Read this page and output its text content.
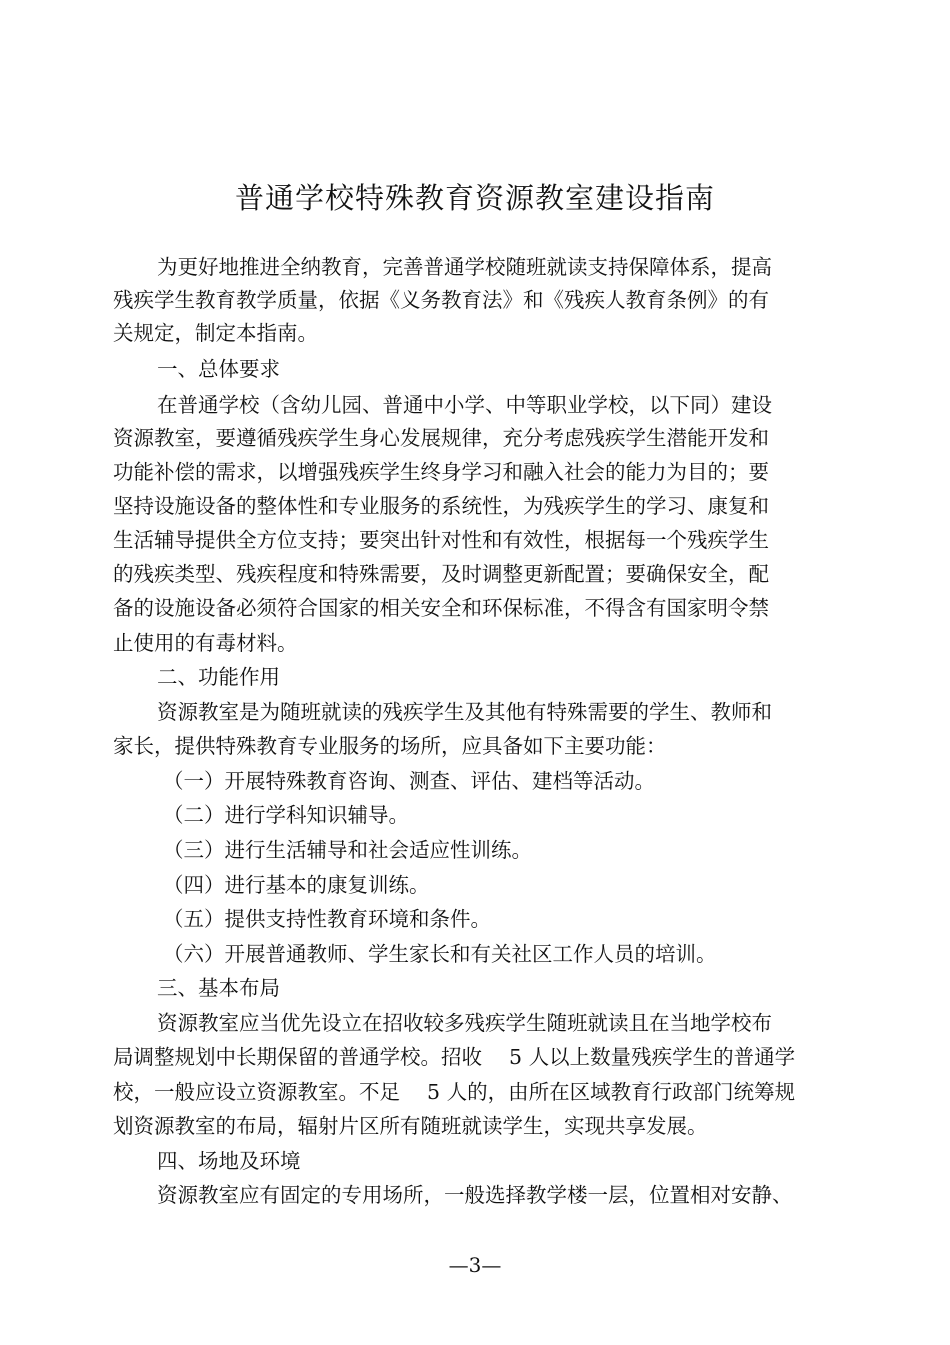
普通学校特殊教育资源教室建设指南
为更好地推进全纳教育，完善普通学校随班就读支持保障体系，提高
残疾学生教育教学质量，依据《义务教育法》和《残疾人教育条例》的有
关规定，制定本指南。
一、总体要求
在普通学校（含幼儿园、普通中小学、中等职业学校，以下同）建设
资源教室，要遵循残疾学生身心发展规律，充分考虑残疾学生潜能开发和
功能补偿的需求，以增强残疾学生终身学习和融入社会的能力为目的；要
坚持设施设备的整体性和专业服务的系统性，为残疾学生的学习、康复和
生活辅导提供全方位支持；要突出针对性和有效性，根据每一个残疾学生
的残疾类型、残疾程度和特殊需要，及时调整更新配置；要确保安全，配
备的设施设备必须符合国家的相关安全和环保标准，不得含有国家明令禁
止使用的有毒材料。
二、功能作用
资源教室是为随班就读的残疾学生及其他有特殊需要的学生、教师和
家长，提供特殊教育专业服务的场所，应具备如下主要功能：
（一）开展特殊教育咨询、测查、评估、建档等活动。
（二）进行学科知识辅导。
（三）进行生活辅导和社会适应性训练。
（四）进行基本的康复训练。
（五）提供支持性教育环境和条件。
（六）开展普通教师、学生家长和有关社区工作人员的培训。
三、基本布局
资源教室应当优先设立在招收较多残疾学生随班就读且在当地学校布
局调整规划中长期保留的普通学校。招收　 5 人以上数量残疾学生的普通学
校，一般应设立资源教室。不足　 5 人的，由所在区域教育行政部门统筹规
划资源教室的布局，辐射片区所有随班就读学生，实现共享发展。
四、场地及环境
资源教室应有固定的专用场所，一般选择教学楼一层，位置相对安静、
—3—
